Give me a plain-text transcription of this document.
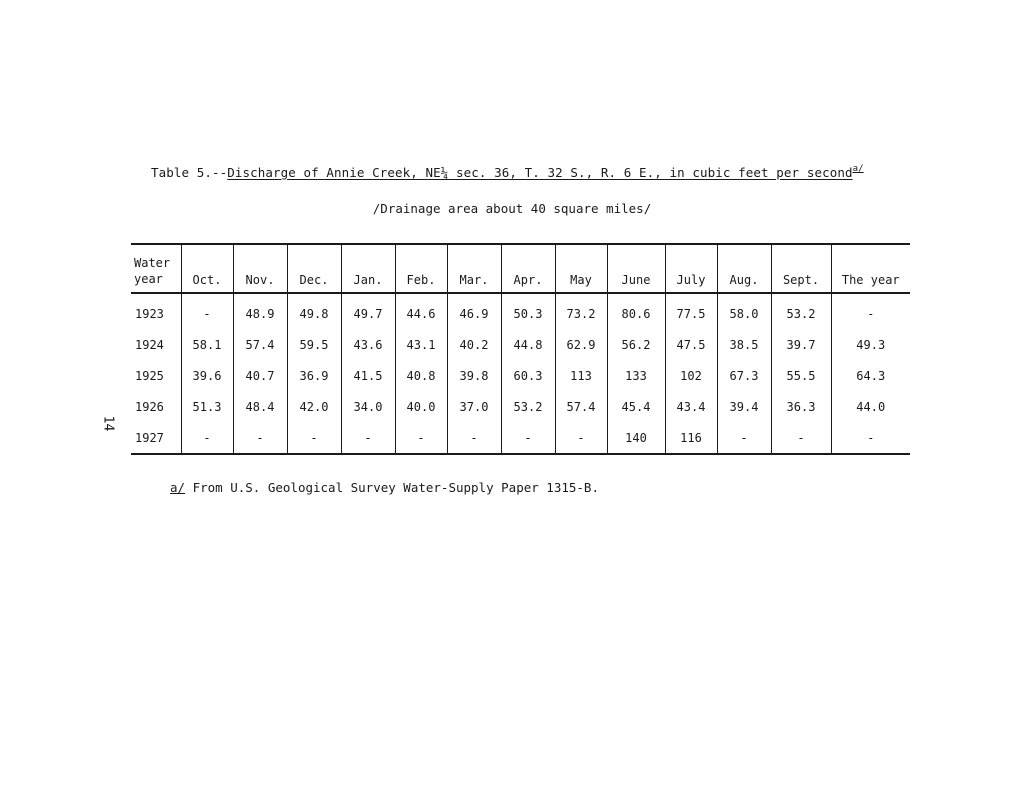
Table 5.--Discharge of Annie Creek, NE¼ sec. 36, T. 32 S., R. 6 E., in cubic feet per second$^{a/}$
/Drainage area about 40 square miles/
14
Water year	Oct.	Nov.	Dec.	Jan.	Feb.	Mar.	Apr.	May	June	July	Aug.	Sept.	The year
1923	-	48.9	49.8	49.7	44.6	46.9	50.3	73.2	80.6	77.5	58.0	53.2	-
1924	58.1	57.4	59.5	43.6	43.1	40.2	44.8	62.9	56.2	47.5	38.5	39.7	49.3
1925	39.6	40.7	36.9	41.5	40.8	39.8	60.3	113	133	102	67.3	55.5	64.3
1926	51.3	48.4	42.0	34.0	40.0	37.0	53.2	57.4	45.4	43.4	39.4	36.3	44.0
1927	-	-	-	-	-	-	-	-	140	116	-	-	-
a/ From U.S. Geological Survey Water-Supply Paper 1315-B.
